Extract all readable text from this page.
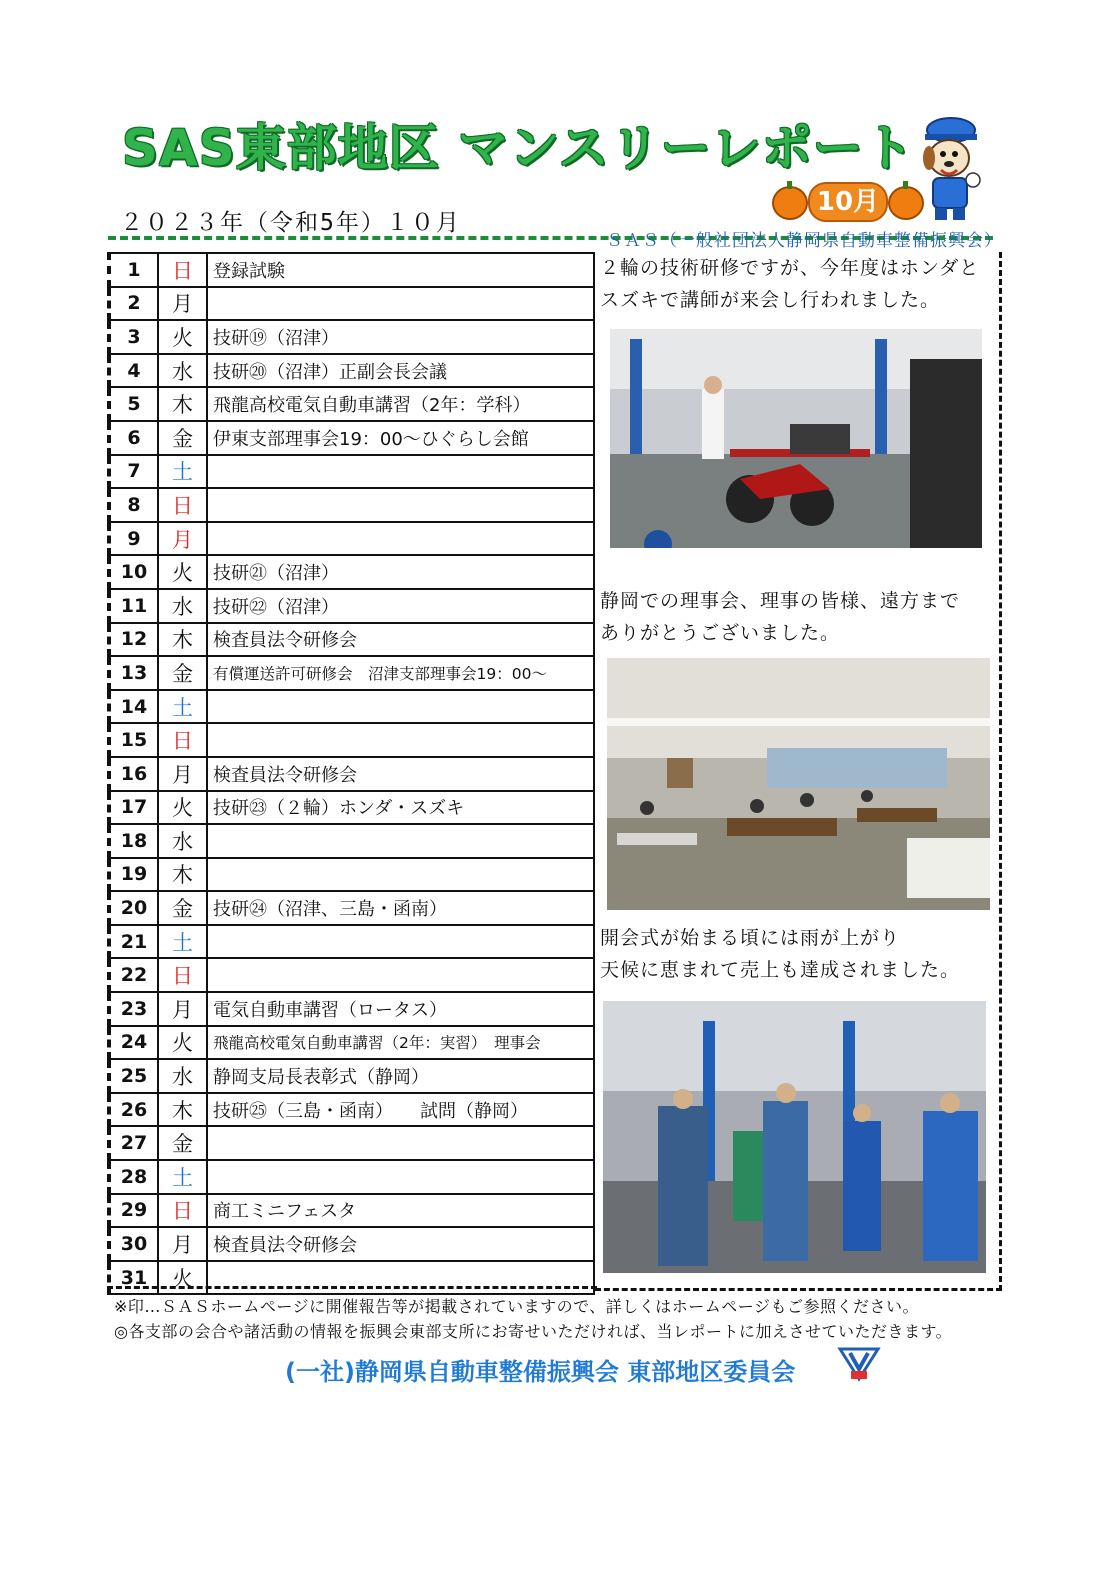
SAS東部地区 マンスリーレポート
10月
２０２３年（令和5年）１０月
ＳＡＳ（一般社団法人静岡県自動車整備振興会）
1	日	登録試験
2	月	
3	火	技研⑲（沼津）
4	水	技研⑳（沼津）正副会長会議
5	木	飛龍高校電気自動車講習（2年：学科）
6	金	伊東支部理事会19：00～ひぐらし会館
7	土	
8	日	
9	月	
10	火	技研㉑（沼津）
11	水	技研㉒（沼津）
12	木	検査員法令研修会
13	金	有償運送許可研修会　沼津支部理事会19：00～
14	土	
15	日	
16	月	検査員法令研修会
17	火	技研㉓（２輪）ホンダ・スズキ
18	水	
19	木	
20	金	技研㉔（沼津、三島・函南）
21	土	
22	日	
23	月	電気自動車講習（ロータス）
24	火	飛龍高校電気自動車講習（2年：実習）　理事会
25	水	静岡支局長表彰式（静岡）
26	木	技研㉕（三島・函南）　　試問（静岡）
27	金	
28	土	
29	日	商工ミニフェスタ
30	月	検査員法令研修会
31	火	
２輪の技術研修ですが、今年度はホンダと
スズキで講師が来会し行われました。
静岡での理事会、理事の皆様、遠方まで
ありがとうございました。
開会式が始まる頃には雨が上がり
天候に恵まれて売上も達成されました。
※印…ＳＡＳホームページに開催報告等が掲載されていますので、詳しくはホームページもご参照ください。
◎各支部の会合や諸活動の情報を振興会東部支所にお寄せいただければ、当レポートに加えさせていただきます。
(一社)静岡県自動車整備振興会 東部地区委員会
